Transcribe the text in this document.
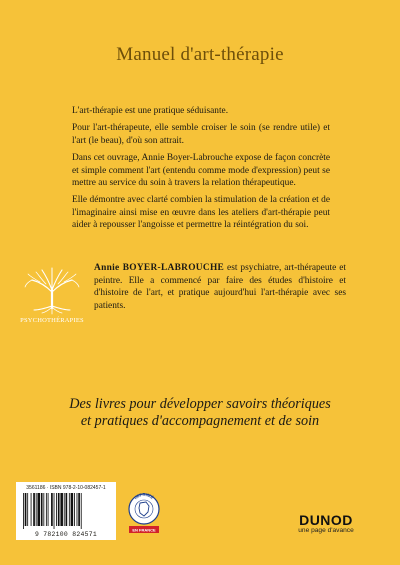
Manuel d'art-thérapie

L'art-thérapie est une pratique séduisante.

Pour l'art-thérapeute, elle semble croiser le soin (se rendre utile) et l'art (le beau), d'où son attrait.

Dans cet ouvrage, Annie Boyer-Labrouche expose de façon concrète et simple comment l'art (entendu comme mode d'expression) peut se mettre au service du soin à travers la relation thérapeutique.

Elle démontre avec clarté combien la stimulation de la création et de l'imaginaire ainsi mise en œuvre dans les ateliers d'art-thérapie peut aider à repousser l'angoisse et permettre la réintégration du soi.

PSYCHOTHÉRAPIES
Annie BOYER-LABROUCHE est psychiatre, art-thérapeute et peintre. Elle a commencé par faire des études d'histoire et d'histoire de l'art, et pratique aujourd'hui l'art-thérapie avec ses patients.
Des livres pour développer savoirs théoriques
et pratiques d'accompagnement et de soin
3561186 · ISBN 978-2-10-082457-1
9 782100 824571
IMPRIMÉ
EN FRANCE
DUNOD
une page d'avance
